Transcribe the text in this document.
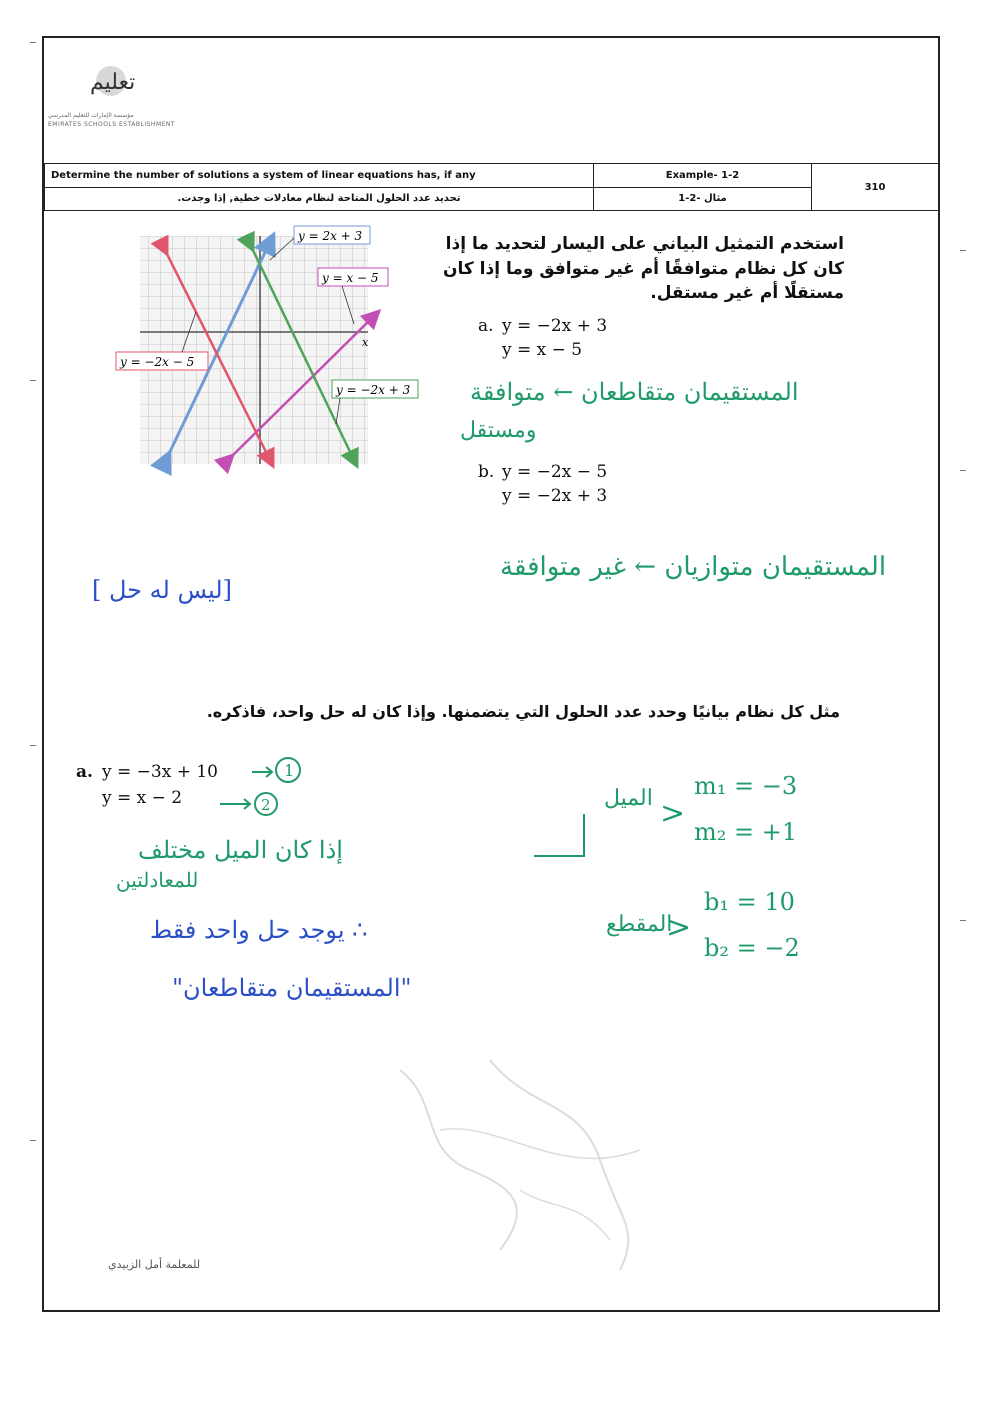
تعليم
مؤسسة الإمارات للتعليم المدرسي
EMIRATES SCHOOLS ESTABLISHMENT
Determine the number of solutions a system of linear equations has, if any	Example- 1-2	310
تحديد عدد الحلول المتاحة لنظام معادلات خطية, إذا وجدت.	مثال -2-1	
استخدم التمثيل البياني على اليسار لتحديد ما إذا كان كل نظام متوافقًا أم غير متوافق وما إذا كان مستقلًا أم غير مستقل.
a. y = −2x + 3
y = x − 5
المستقيمان متقاطعان ← متوافقة
ومستقل
b. y = −2x − 5
y = −2x + 3
المستقيمان متوازيان ← غير متوافقة
[ليس له حل ]
x
y = 2x + 3
y = x − 5
y = −2x − 5
y = −2x + 3
مثل كل نظام بيانيًا وحدد عدد الحلول التي يتضمنها. وإذا كان له حل واحد، فاذكره.
a. y = −3x + 10
y = x − 2
1
2	الميل <
m₁ = −3
m₂ = +1
المقطع
<
b₁ = 10
b₂ = −2
إذا كان الميل مختلف
للمعادلتين
∴ يوجد حل واحد فقط
"المستقيمان متقاطعان"
للمعلمة أمل الزبيدي
